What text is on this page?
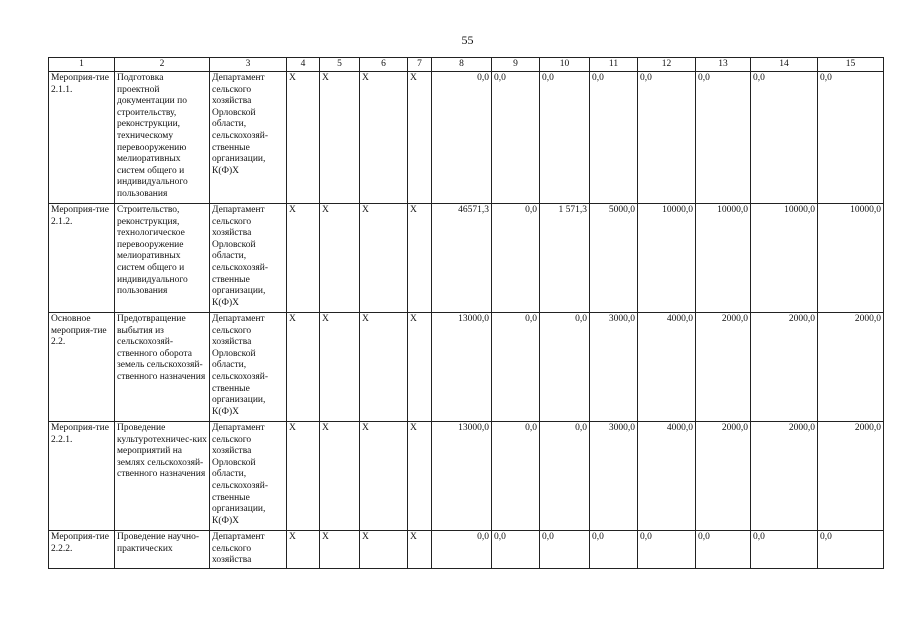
55
1	2	3	4	5	6	7	8	9	10	11	12	13	14	15
Мероприя-тие 2.1.1.	Подготовка проектной документации по строительству, реконструкции, техническому перевооружению мелиоративных систем общего и индивидуального пользования	Департамент сельского хозяйства Орловской области, сельскохозяй-ственные организации, К(Ф)Х	Х	Х	Х	Х	0,0	0,0	0,0	0,0	0,0	0,0	0,0	0,0
Мероприя-тие 2.1.2.	Строительство, реконструкция, технологическое перевооружение мелиоративных систем общего и индивидуального пользования	Департамент сельского хозяйства Орловской области, сельскохозяй-ственные организации, К(Ф)Х	Х	Х	Х	Х	46571,3	0,0	1 571,3	5000,0	10000,0	10000,0	10000,0	10000,0
Основное мероприя-тие 2.2.	Предотвращение выбытия из сельскохозяй-ственного оборота земель сельскохозяй-ственного назначения	Департамент сельского хозяйства Орловской области, сельскохозяй-ственные организации, К(Ф)Х	Х	Х	Х	Х	13000,0	0,0	0,0	3000,0	4000,0	2000,0	2000,0	2000,0
Мероприя-тие 2.2.1.	Проведение культуротехничес-ких мероприятий на землях сельскохозяй-ственного назначения	Департамент сельского хозяйства Орловской области, сельскохозяй-ственные организации, К(Ф)Х	Х	Х	Х	Х	13000,0	0,0	0,0	3000,0	4000,0	2000,0	2000,0	2000,0
Мероприя-тие 2.2.2.	Проведение научно-практических	Департамент сельского хозяйства	Х	Х	Х	Х	0,0	0,0	0,0	0,0	0,0	0,0	0,0	0,0
